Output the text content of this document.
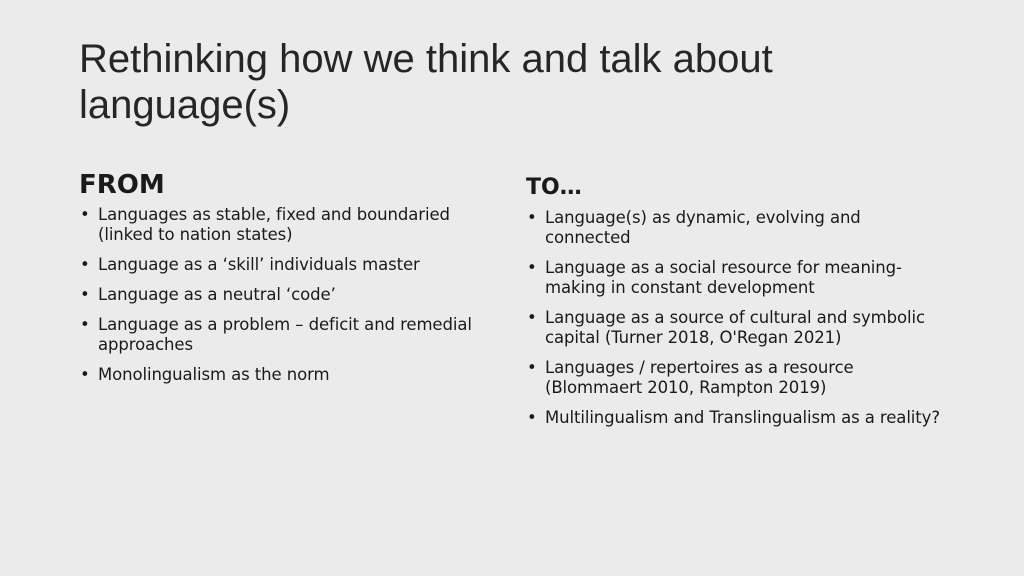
Rethinking how we think and talk about language(s)
FROM
• Languages as stable, fixed and boundaried (linked to nation states)
• Language as a ‘skill’ individuals master
• Language as a neutral ‘code’
• Language as a problem – deficit and remedial approaches
• Monolingualism as the norm
TO…
• Language(s) as dynamic, evolving and connected
• Language as a social resource for meaning-making in constant development
• Language as a source of cultural and symbolic capital (Turner 2018, O'Regan 2021)
• Languages / repertoires as a resource (Blommaert 2010, Rampton 2019)
• Multilingualism and Translingualism as a reality?
